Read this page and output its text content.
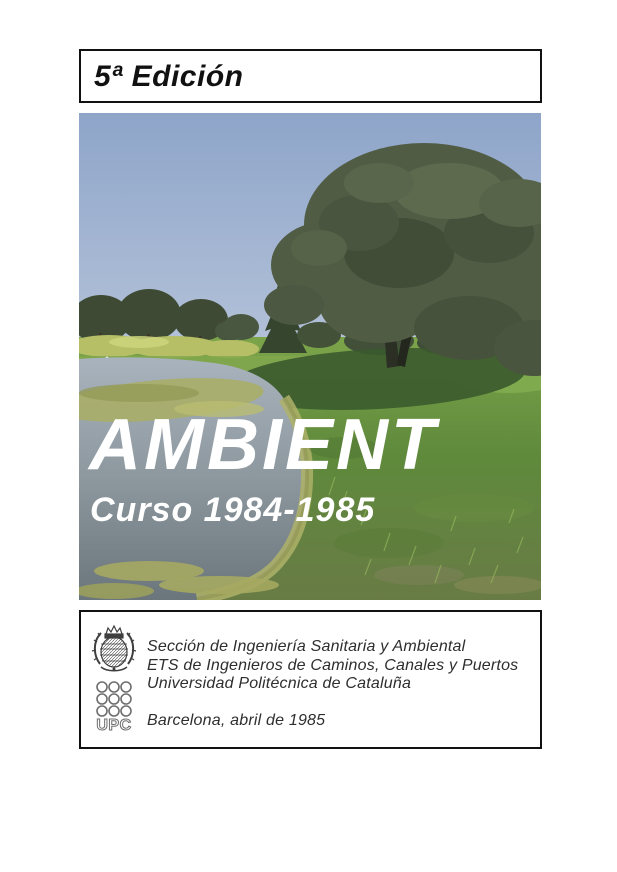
5ª Edición
AMBIENT
Curso 1984-1985
UPC
Sección de Ingeniería Sanitaria y Ambiental
ETS de Ingenieros de Caminos, Canales y Puertos
Universidad Politécnica de Cataluña
Barcelona, abril de 1985
